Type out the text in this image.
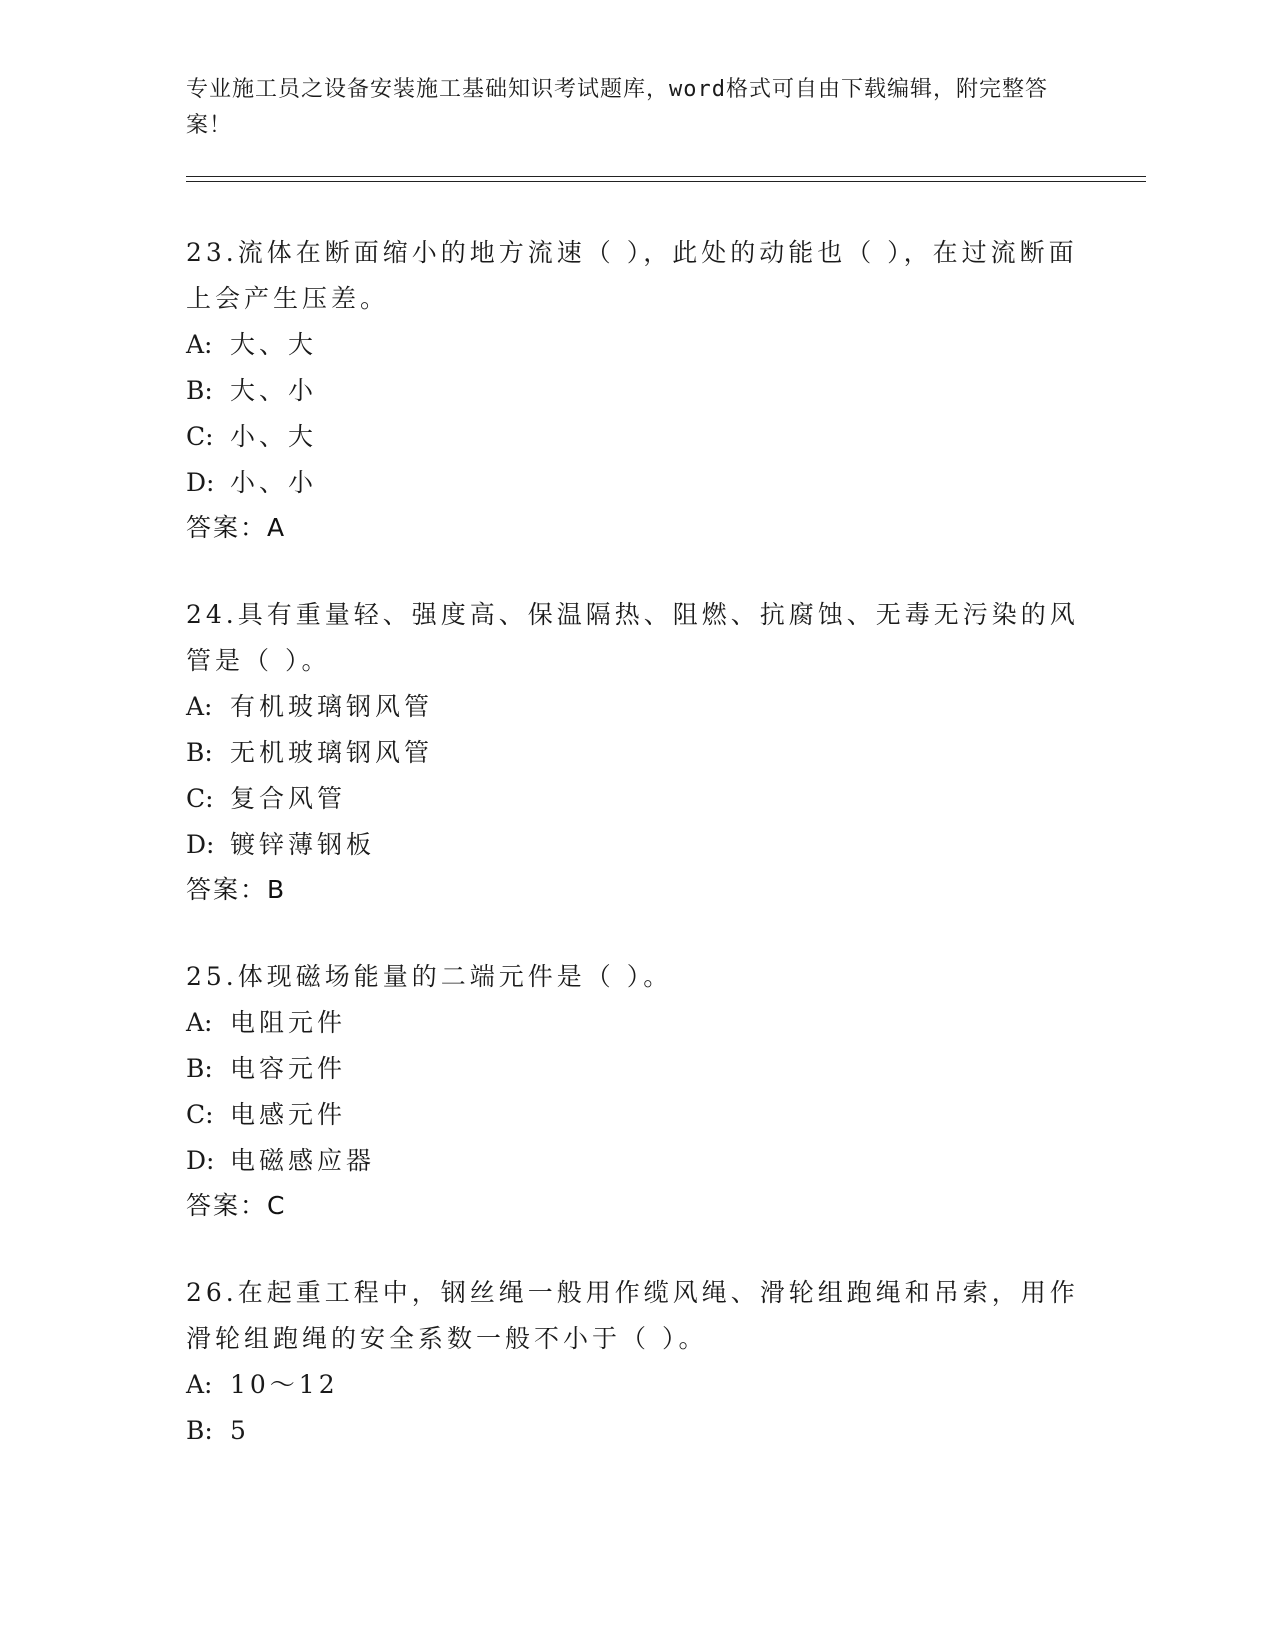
专业施工员之设备安装施工基础知识考试题库，word格式可自由下载编辑，附完整答案！

23.流体在断面缩小的地方流速（ ），此处的动能也（ ），在过流断面上会产生压差。

A: 大、大

B: 大、小

C: 小、大

D: 小、小

答案：A

24.具有重量轻、强度高、保温隔热、阻燃、抗腐蚀、无毒无污染的风管是（ ）。

A: 有机玻璃钢风管

B: 无机玻璃钢风管

C: 复合风管

D: 镀锌薄钢板

答案：B

25.体现磁场能量的二端元件是（ ）。

A: 电阻元件

B: 电容元件

C: 电感元件

D: 电磁感应器

答案：C

26.在起重工程中，钢丝绳一般用作缆风绳、滑轮组跑绳和吊索，用作滑轮组跑绳的安全系数一般不小于（ ）。

A: 10～12

B: 5
